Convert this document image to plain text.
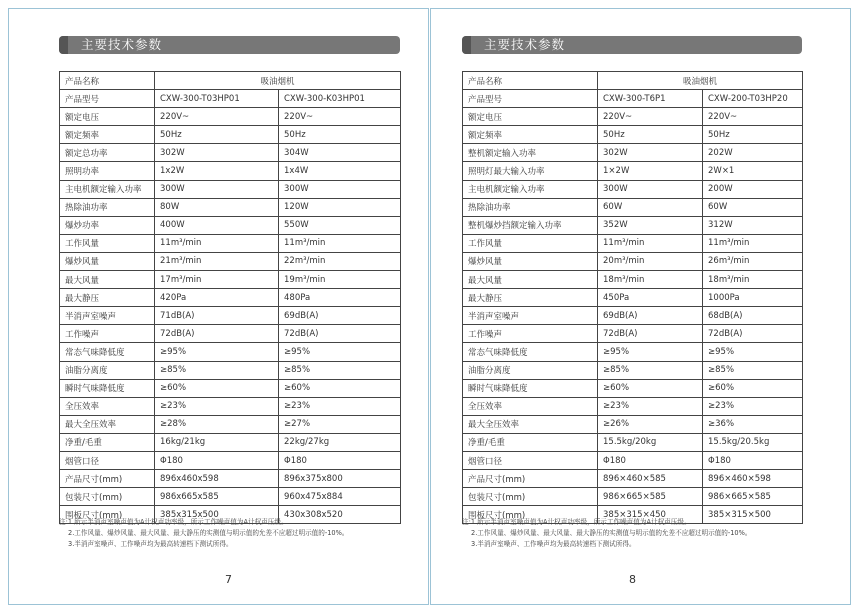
主要技术参数
产品名称	吸油烟机	
产品型号	CXW-300-T03HP01	CXW-300-K03HP01
额定电压	220V~	220V~
额定频率	50Hz	50Hz
额定总功率	302W	304W
照明功率	1x2W	1x4W
主电机额定输入功率	300W	300W
热除油功率	80W	120W
爆炒功率	400W	550W
工作风量	11m³/min	11m³/min
爆炒风量	21m³/min	22m³/min
最大风量	17m³/min	19m³/min
最大静压	420Pa	480Pa
半消声室噪声	71dB(A)	69dB(A)
工作噪声	72dB(A)	72dB(A)
常态气味降低度	≥95%	≥95%
油脂分离度	≥85%	≥85%
瞬时气味降低度	≥60%	≥60%
全压效率	≥23%	≥23%
最大全压效率	≥28%	≥27%
净重/毛重	16kg/21kg	22kg/27kg
烟管口径	Φ180	Φ180
产品尺寸(mm)	896x460x598	896x375x800
包装尺寸(mm)	986x665x585	960x475x884
围板尺寸(mm)	385x315x500	430x308x520
注:1.所示半消声室噪声值为A计权声功率级，所示工作噪声值为A计权声压级。
2.工作风量、爆炒风量、最大风量、最大静压的实测值与明示值的允差不应超过明示值的-10%。
3.半消声室噪声、工作噪声均为最高转速档下测试所得。
7
主要技术参数
产品名称	吸油烟机	
产品型号	CXW-300-T6P1	CXW-200-T03HP20
额定电压	220V~	220V~
额定频率	50Hz	50Hz
整机额定输入功率	302W	202W
照明灯最大输入功率	1×2W	2W×1
主电机额定输入功率	300W	200W
热除油功率	60W	60W
整机爆炒挡额定输入功率	352W	312W
工作风量	11m³/min	11m³/min
爆炒风量	20m³/min	26m³/min
最大风量	18m³/min	18m³/min
最大静压	450Pa	1000Pa
半消声室噪声	69dB(A)	68dB(A)
工作噪声	72dB(A)	72dB(A)
常态气味降低度	≥95%	≥95%
油脂分离度	≥85%	≥85%
瞬时气味降低度	≥60%	≥60%
全压效率	≥23%	≥23%
最大全压效率	≥26%	≥36%
净重/毛重	15.5kg/20kg	15.5kg/20.5kg
烟管口径	Φ180	Φ180
产品尺寸(mm)	896×460×585	896×460×598
包装尺寸(mm)	986×665×585	986×665×585
围板尺寸(mm)	385×315×450	385×315×500
注:1.所示半消声室噪声值为A计权声功率级，所示工作噪声值为A计权声压级。
2.工作风量、爆炒风量、最大风量、最大静压的实测值与明示值的允差不应超过明示值的-10%。
3.半消声室噪声、工作噪声均为最高转速档下测试所得。
8
